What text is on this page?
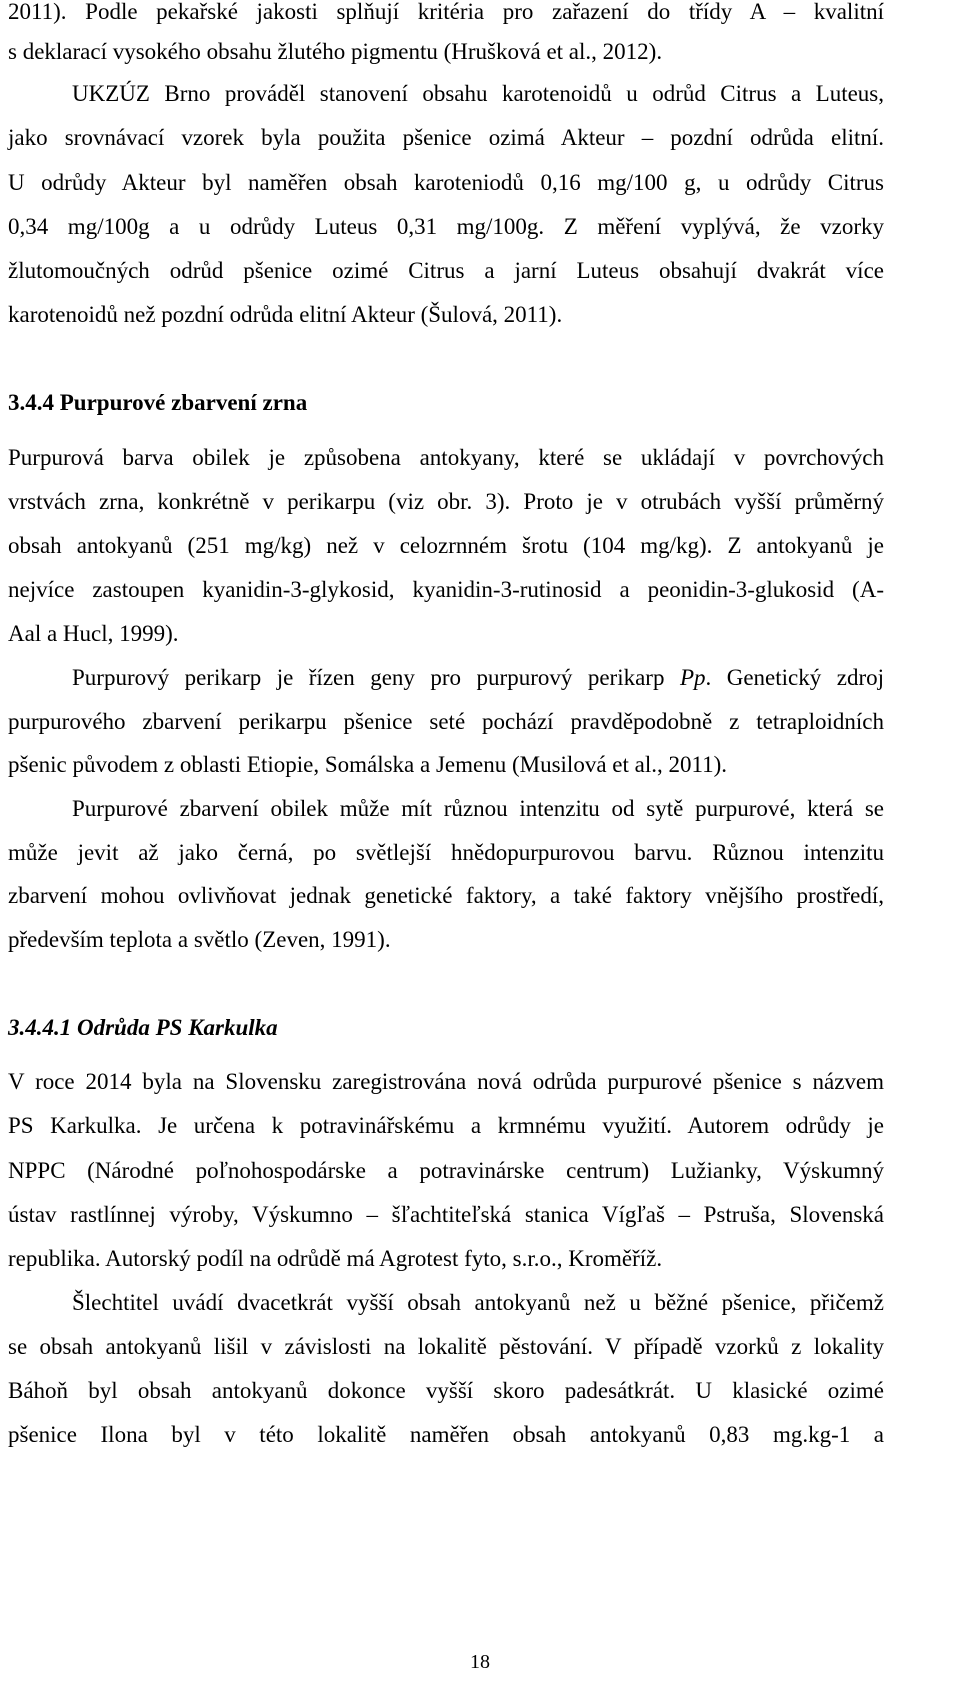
2011). Podle pekařské jakosti splňují kritéria pro zařazení do třídy A – kvalitní
s deklarací vysokého obsahu žlutého pigmentu (Hrušková et al., 2012).
UKZÚZ Brno prováděl stanovení obsahu karotenoidů u odrůd Citrus a Luteus,
jako srovnávací vzorek byla použita pšenice ozimá Akteur – pozdní odrůda elitní.
U odrůdy Akteur byl naměřen obsah karoteniodů 0,16 mg/100 g, u odrůdy Citrus
0,34 mg/100g a u odrůdy Luteus 0,31 mg/100g. Z měření vyplývá, že vzorky
žlutomoučných odrůd pšenice ozimé Citrus a jarní Luteus obsahují dvakrát více
karotenoidů než pozdní odrůda elitní Akteur (Šulová, 2011).
3.4.4 Purpurové zbarvení zrna
Purpurová barva obilek je způsobena antokyany, které se ukládají v povrchových
vrstvách zrna, konkrétně v perikarpu (viz obr. 3). Proto je v otrubách vyšší průměrný
obsah antokyanů (251 mg/kg) než v celozrnném šrotu (104 mg/kg). Z antokyanů je
nejvíce zastoupen kyanidin-3-glykosid, kyanidin-3-rutinosid a peonidin-3-glukosid (A-
Aal a Hucl, 1999).
Purpurový perikarp je řízen geny pro purpurový perikarp Pp. Genetický zdroj
purpurového zbarvení perikarpu pšenice seté pochází pravděpodobně z tetraploidních
pšenic původem z oblasti Etiopie, Somálska a Jemenu (Musilová et al., 2011).
Purpurové zbarvení obilek může mít různou intenzitu od sytě purpurové, která se
může jevit až jako černá, po světlejší hnědopurpurovou barvu. Různou intenzitu
zbarvení mohou ovlivňovat jednak genetické faktory, a také faktory vnějšího prostředí,
především teplota a světlo (Zeven, 1991).
3.4.4.1 Odrůda PS Karkulka
V roce 2014 byla na Slovensku zaregistrována nová odrůda purpurové pšenice s názvem
PS Karkulka. Je určena k potravinářskému a krmnému využití. Autorem odrůdy je
NPPC (Národné poľnohospodárske a potravinárske centrum) Lužianky, Výskumný
ústav rastlínnej výroby, Výskumno – šľachtiteľská stanica Vígľaš – Pstruša, Slovenská
republika. Autorský podíl na odrůdě má Agrotest fyto, s.r.o., Kroměříž.
Šlechtitel uvádí dvacetkrát vyšší obsah antokyanů než u běžné pšenice, přičemž
se obsah antokyanů lišil v závislosti na lokalitě pěstování. V případě vzorků z lokality
Báhoň byl obsah antokyanů dokonce vyšší skoro padesátkrát. U klasické ozimé
pšenice Ilona byl v této lokalitě naměřen obsah antokyanů 0,83 mg.kg-1 a
18
